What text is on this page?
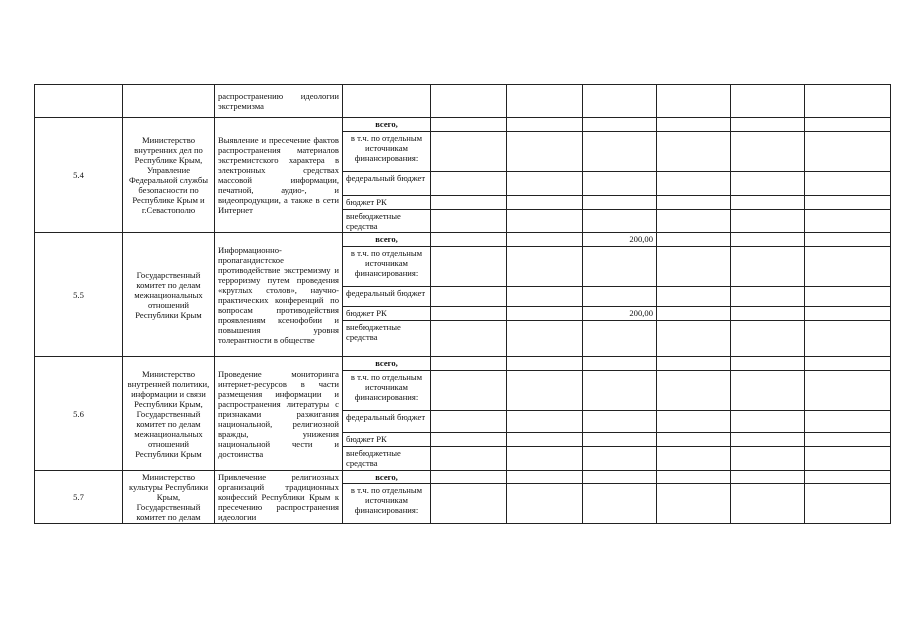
		распространению идеологии экстремизма								
5.4	Министерство внутренних дел по Республике Крым, Управление Федеральной службы безопасности по Республике Крым и г.Севастополю	Выявление и пресечение фактов распространения материалов экстремистского характера в электронных средствах массовой информации, печатной, аудио-, и видеопродукции, а также в сети Интернет	всего,							
			в т.ч. по отдельным источникам финансирования:							
			федеральный бюджет							
			бюджет РК							
			внебюджетные средства							
5.5	Государственный комитет по делам межнациональных отношений Республики Крым	Информационно-пропагандистское противодействие экстремизму и терроризму путем проведения «круглых столов», научно-практических конференций по вопросам противодействия проявлениям ксенофобии и повышения уровня толерантности в обществе	всего,			200,00				
			в т.ч. по отдельным источникам финансирования:							
			федеральный бюджет							
			бюджет РК			200,00				
			внебюджетные средства							
5.6	Министерство внутренней политики, информации и связи Республики Крым, Государственный комитет по делам межнациональных отношений Республики Крым	Проведение мониторинга интернет-ресурсов в части размещения информации и распространения литературы с признаками разжигания национальной, религиозной вражды, унижения национальной чести и достоинства	всего,							
			в т.ч. по отдельным источникам финансирования:							
			федеральный бюджет							
			бюджет РК							
			внебюджетные средства							
5.7	Министерство культуры Республики Крым, Государственный комитет по делам	Привлечение религиозных организаций традиционных конфессий Республики Крым к пресечению распространения идеологии	всего,							
			в т.ч. по отдельным источникам финансирования:							
